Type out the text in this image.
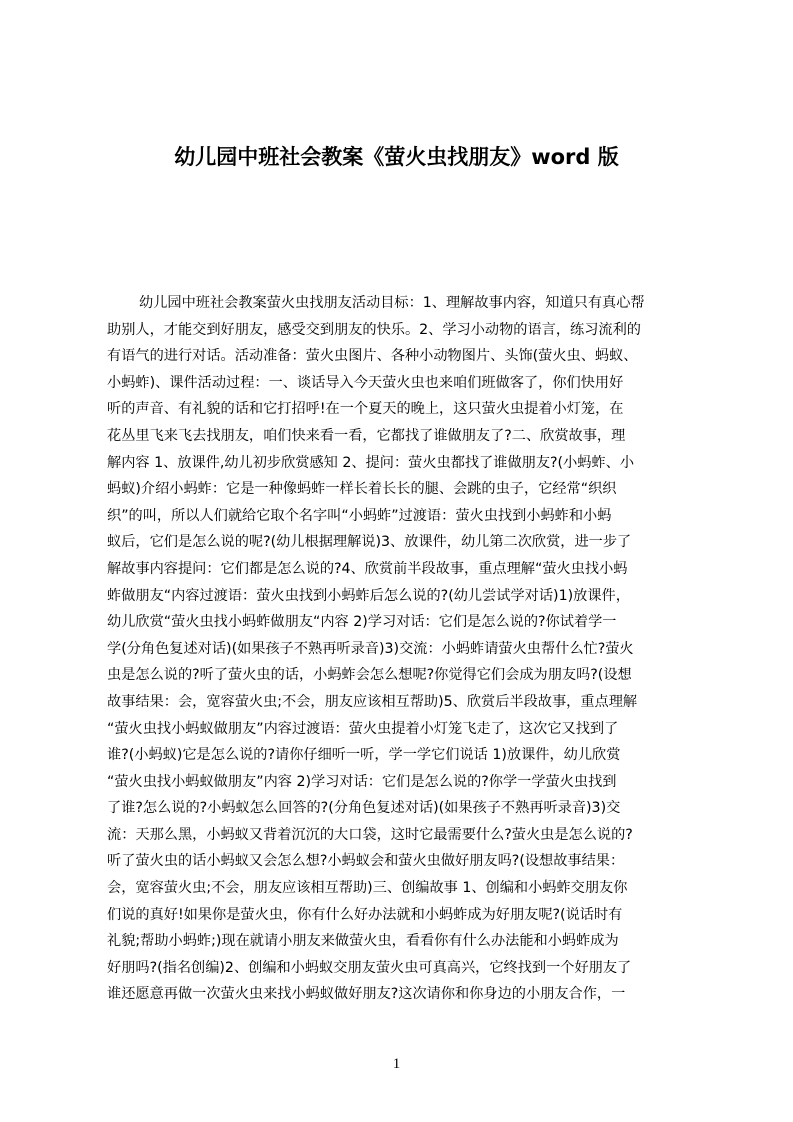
幼儿园中班社会教案《萤火虫找朋友》word 版
幼儿园中班社会教案萤火虫找朋友活动目标：1、理解故事内容，知道只有真心帮
助别人，才能交到好朋友，感受交到朋友的快乐。2、学习小动物的语言，练习流利的
有语气的进行对话。活动准备：萤火虫图片、各种小动物图片、头饰(萤火虫、蚂蚁、
小蚂蚱)、课件活动过程：一、谈话导入今天萤火虫也来咱们班做客了，你们快用好
听的声音、有礼貌的话和它打招呼!在一个夏天的晚上，这只萤火虫提着小灯笼，在
花丛里飞来飞去找朋友，咱们快来看一看，它都找了谁做朋友了?二、欣赏故事，理
解内容 1、放课件,幼儿初步欣赏感知 2、提问：萤火虫都找了谁做朋友?(小蚂蚱、小
蚂蚁)介绍小蚂蚱：它是一种像蚂蚱一样长着长长的腿、会跳的虫子，它经常“织织
织”的叫，所以人们就给它取个名字叫“小蚂蚱”过渡语：萤火虫找到小蚂蚱和小蚂
蚁后，它们是怎么说的呢?(幼儿根据理解说)3、放课件，幼儿第二次欣赏，进一步了
解故事内容提问：它们都是怎么说的?4、欣赏前半段故事，重点理解“萤火虫找小蚂
蚱做朋友“内容过渡语：萤火虫找到小蚂蚱后怎么说的?(幼儿尝试学对话)1)放课件，
幼儿欣赏“萤火虫找小蚂蚱做朋友“内容 2)学习对话：它们是怎么说的?你试着学一
学(分角色复述对话)(如果孩子不熟再听录音)3)交流：小蚂蚱请萤火虫帮什么忙?萤火
虫是怎么说的?听了萤火虫的话，小蚂蚱会怎么想呢?你觉得它们会成为朋友吗?(设想
故事结果：会，宽容萤火虫;不会，朋友应该相互帮助)5、欣赏后半段故事，重点理解
“萤火虫找小蚂蚁做朋友”内容过渡语：萤火虫提着小灯笼飞走了，这次它又找到了
谁?(小蚂蚁)它是怎么说的?请你仔细听一听，学一学它们说话 1)放课件，幼儿欣赏
“萤火虫找小蚂蚁做朋友”内容 2)学习对话：它们是怎么说的?你学一学萤火虫找到
了谁?怎么说的?小蚂蚁怎么回答的?(分角色复述对话)(如果孩子不熟再听录音)3)交
流：天那么黑，小蚂蚁又背着沉沉的大口袋，这时它最需要什么?萤火虫是怎么说的?
听了萤火虫的话小蚂蚁又会怎么想?小蚂蚁会和萤火虫做好朋友吗?(设想故事结果：
会，宽容萤火虫;不会，朋友应该相互帮助)三、创编故事 1、创编和小蚂蚱交朋友你
们说的真好!如果你是萤火虫，你有什么好办法就和小蚂蚱成为好朋友呢?(说话时有
礼貌;帮助小蚂蚱;)现在就请小朋友来做萤火虫，看看你有什么办法能和小蚂蚱成为
好朋吗?(指名创编)2、创编和小蚂蚁交朋友萤火虫可真高兴，它终找到一个好朋友了
谁还愿意再做一次萤火虫来找小蚂蚁做好朋友?这次请你和你身边的小朋友合作，一
1
